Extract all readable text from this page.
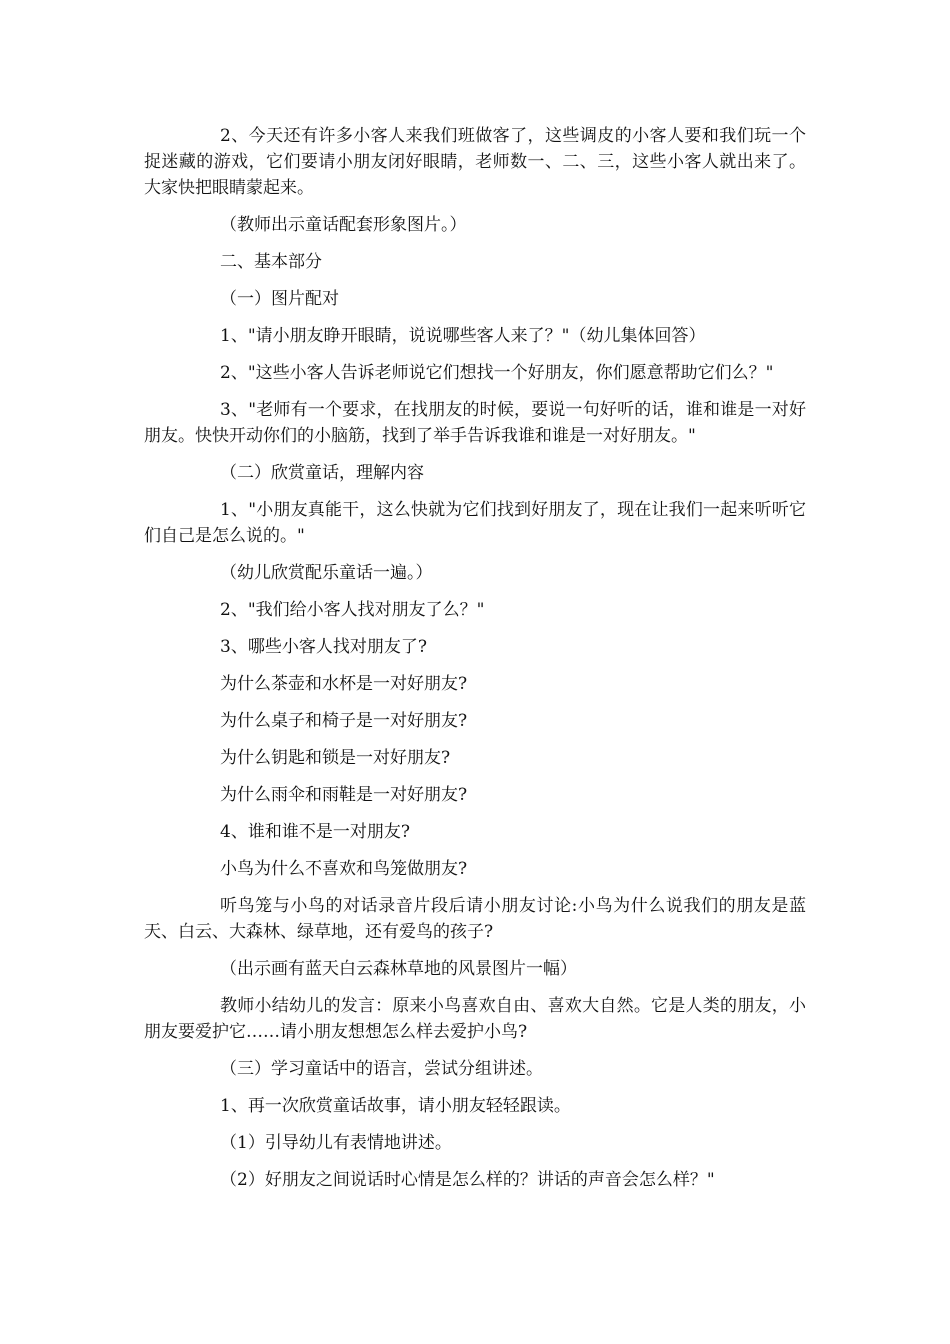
2、今天还有许多小客人来我们班做客了，这些调皮的小客人要和我们玩一个捉迷藏的游戏，它们要请小朋友闭好眼睛，老师数一、二、三，这些小客人就出来了。大家快把眼睛蒙起来。

（教师出示童话配套形象图片。）

二、基本部分

（一）图片配对

1、"请小朋友睁开眼睛，说说哪些客人来了？"（幼儿集体回答）

2、"这些小客人告诉老师说它们想找一个好朋友，你们愿意帮助它们么？"

3、"老师有一个要求，在找朋友的时候，要说一句好听的话，谁和谁是一对好朋友。快快开动你们的小脑筋，找到了举手告诉我谁和谁是一对好朋友。"

（二）欣赏童话，理解内容

1、"小朋友真能干，这么快就为它们找到好朋友了，现在让我们一起来听听它们自己是怎么说的。"

（幼儿欣赏配乐童话一遍。）

2、"我们给小客人找对朋友了么？"

3、哪些小客人找对朋友了?

为什么茶壶和水杯是一对好朋友?

为什么桌子和椅子是一对好朋友?

为什么钥匙和锁是一对好朋友?

为什么雨伞和雨鞋是一对好朋友?

4、谁和谁不是一对朋友?

小鸟为什么不喜欢和鸟笼做朋友?

听鸟笼与小鸟的对话录音片段后请小朋友讨论:小鸟为什么说我们的朋友是蓝天、白云、大森林、绿草地，还有爱鸟的孩子?

（出示画有蓝天白云森林草地的风景图片一幅）

教师小结幼儿的发言：原来小鸟喜欢自由、喜欢大自然。它是人类的朋友，小朋友要爱护它……请小朋友想想怎么样去爱护小鸟?

（三）学习童话中的语言，尝试分组讲述。

1、再一次欣赏童话故事，请小朋友轻轻跟读。

（1）引导幼儿有表情地讲述。

（2）好朋友之间说话时心情是怎么样的？讲话的声音会怎么样？"
